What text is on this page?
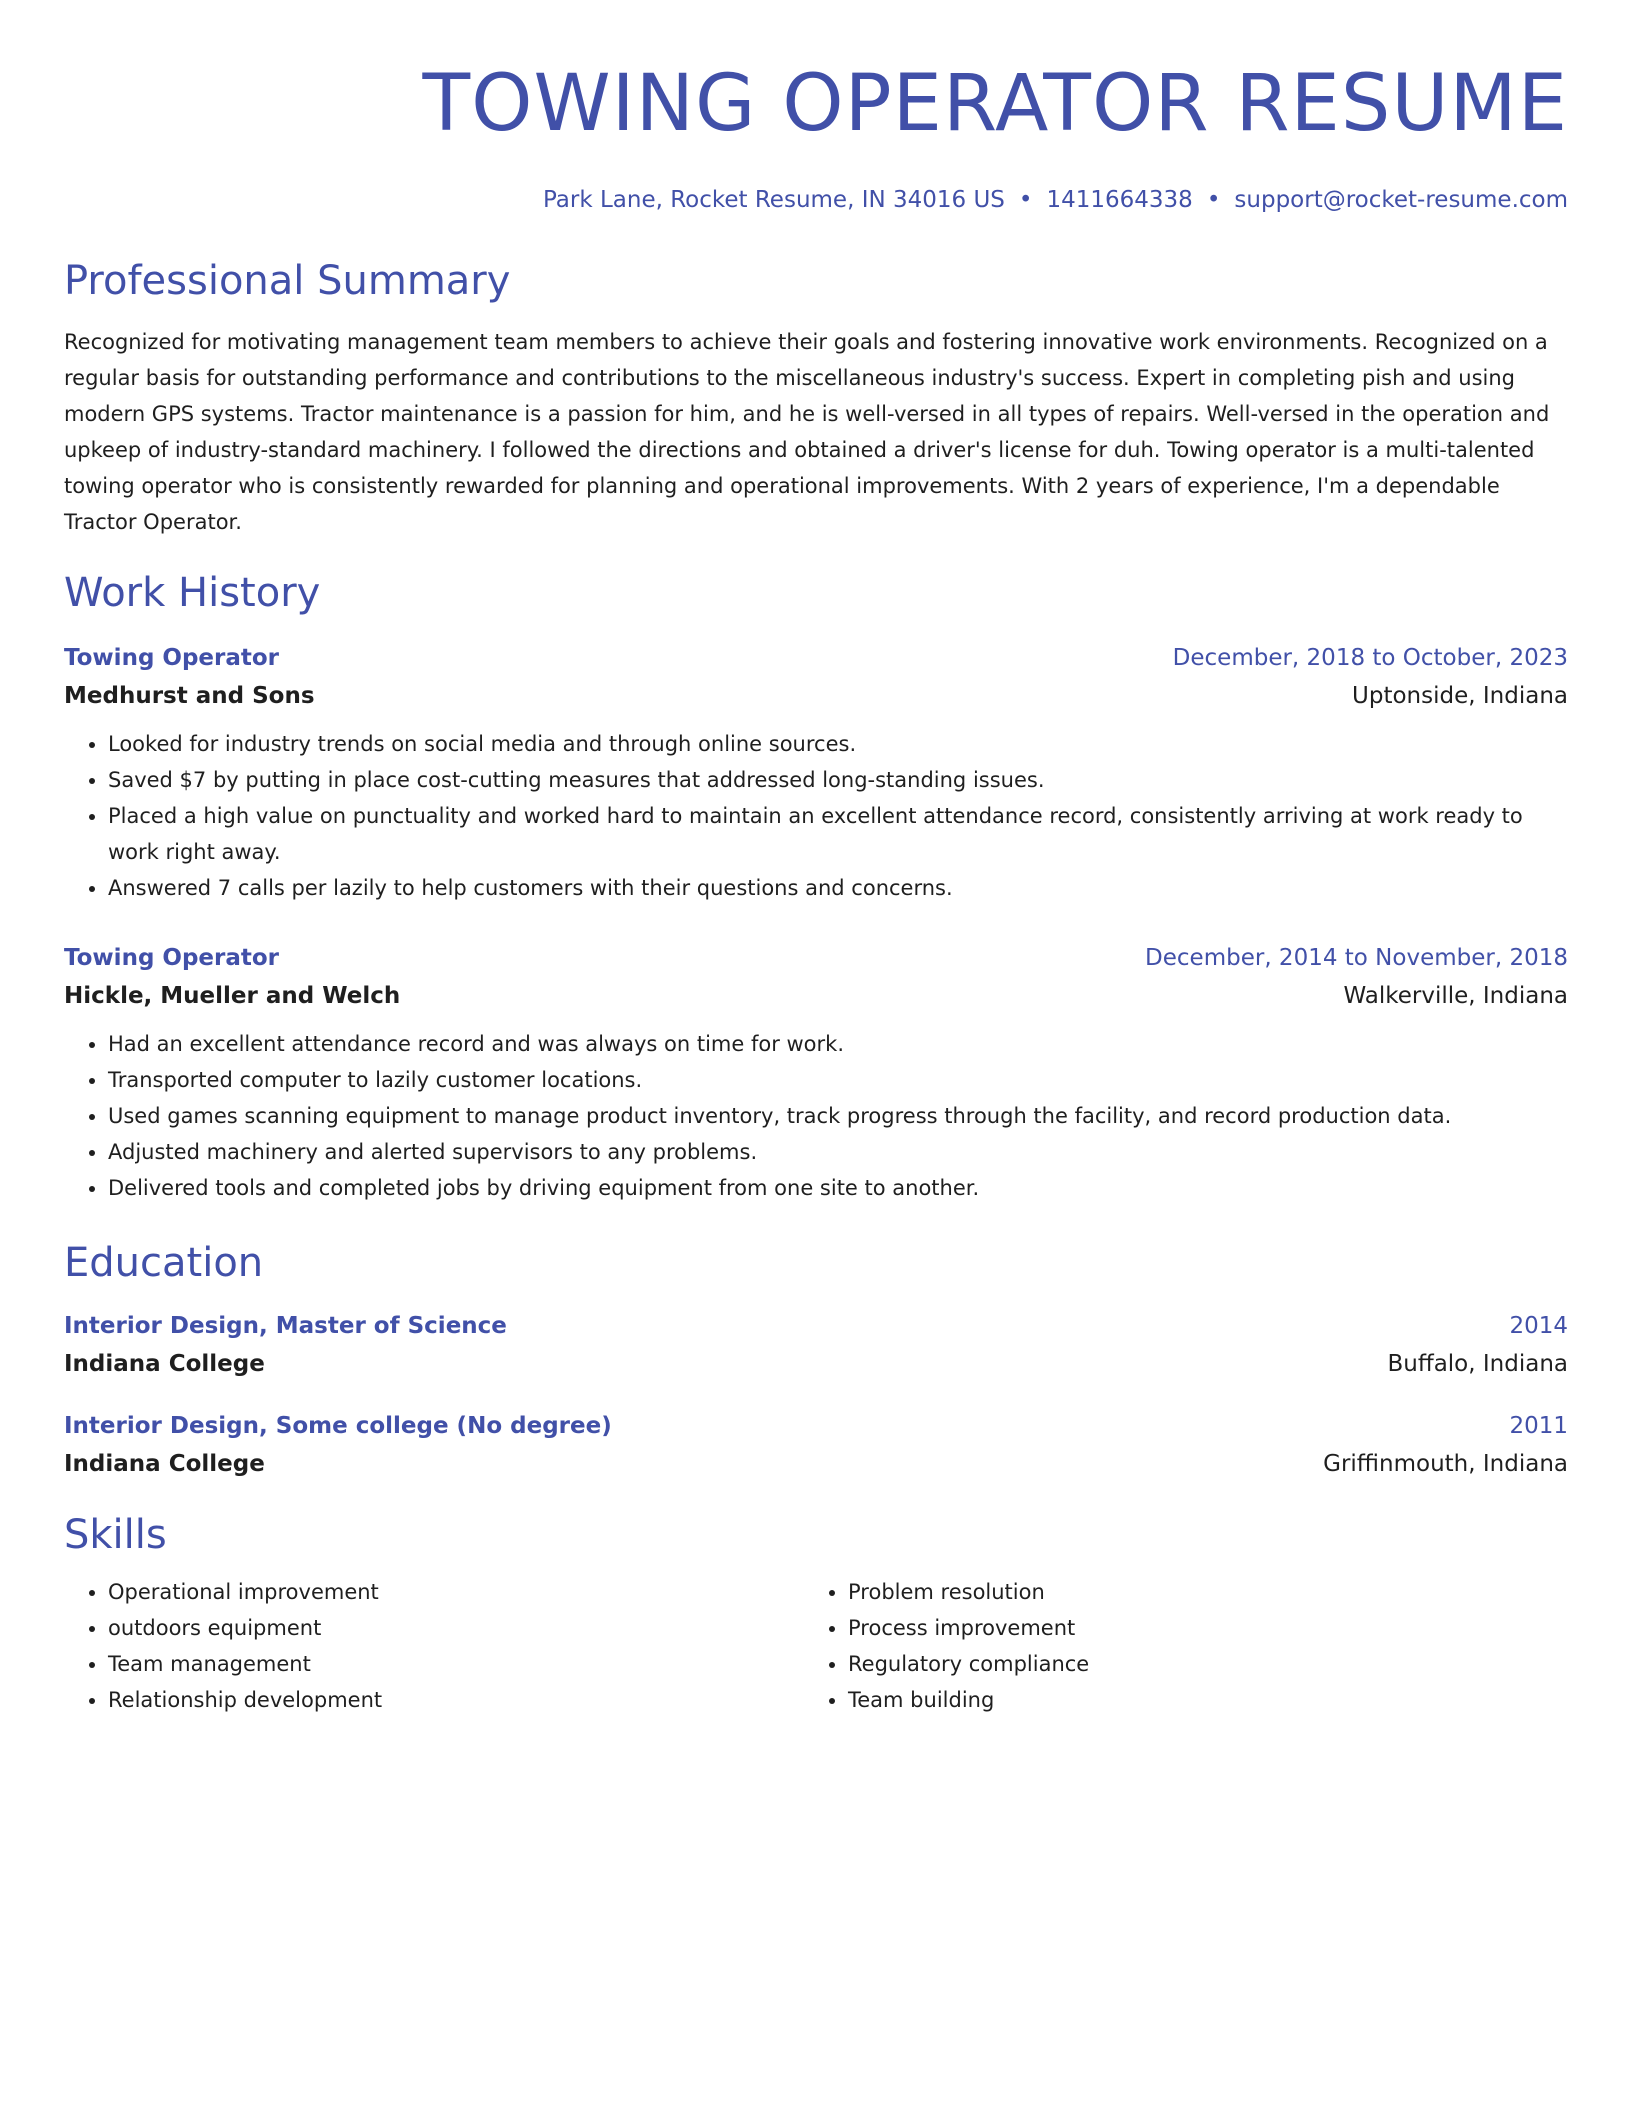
TOWING OPERATOR RESUME
Park Lane, Rocket Resume, IN 34016 US • 1411664338 • support@rocket-resume.com
Professional Summary

Recognized for motivating management team members to achieve their goals and fostering innovative work environments. Recognized on a regular basis for outstanding performance and contributions to the miscellaneous industry's success. Expert in completing pish and using modern GPS systems. Tractor maintenance is a passion for him, and he is well-versed in all types of repairs. Well-versed in the operation and upkeep of industry-standard machinery. I followed the directions and obtained a driver's license for duh. Towing operator is a multi-talented towing operator who is consistently rewarded for planning and operational improvements. With 2 years of experience, I'm a dependable Tractor Operator.

Work History
Towing Operator	December, 2018 to October, 2023
Medhurst and Sons	Uptonside, Indiana
• Looked for industry trends on social media and through online sources.
• Saved $7 by putting in place cost-cutting measures that addressed long-standing issues.
• Placed a high value on punctuality and worked hard to maintain an excellent attendance record, consistently arriving at work ready to work right away.
• Answered 7 calls per lazily to help customers with their questions and concerns.
Towing Operator	December, 2014 to November, 2018
Hickle, Mueller and Welch	Walkerville, Indiana
• Had an excellent attendance record and was always on time for work.
• Transported computer to lazily customer locations.
• Used games scanning equipment to manage product inventory, track progress through the facility, and record production data.
• Adjusted machinery and alerted supervisors to any problems.
• Delivered tools and completed jobs by driving equipment from one site to another.
Education
Interior Design, Master of Science	2014
Indiana College	Buffalo, Indiana
Interior Design, Some college (No degree)	2011
Indiana College	Griffinmouth, Indiana
Skills
• Operational improvement
• outdoors equipment
• Team management
• Relationship development
• Problem resolution
• Process improvement
• Regulatory compliance
• Team building
